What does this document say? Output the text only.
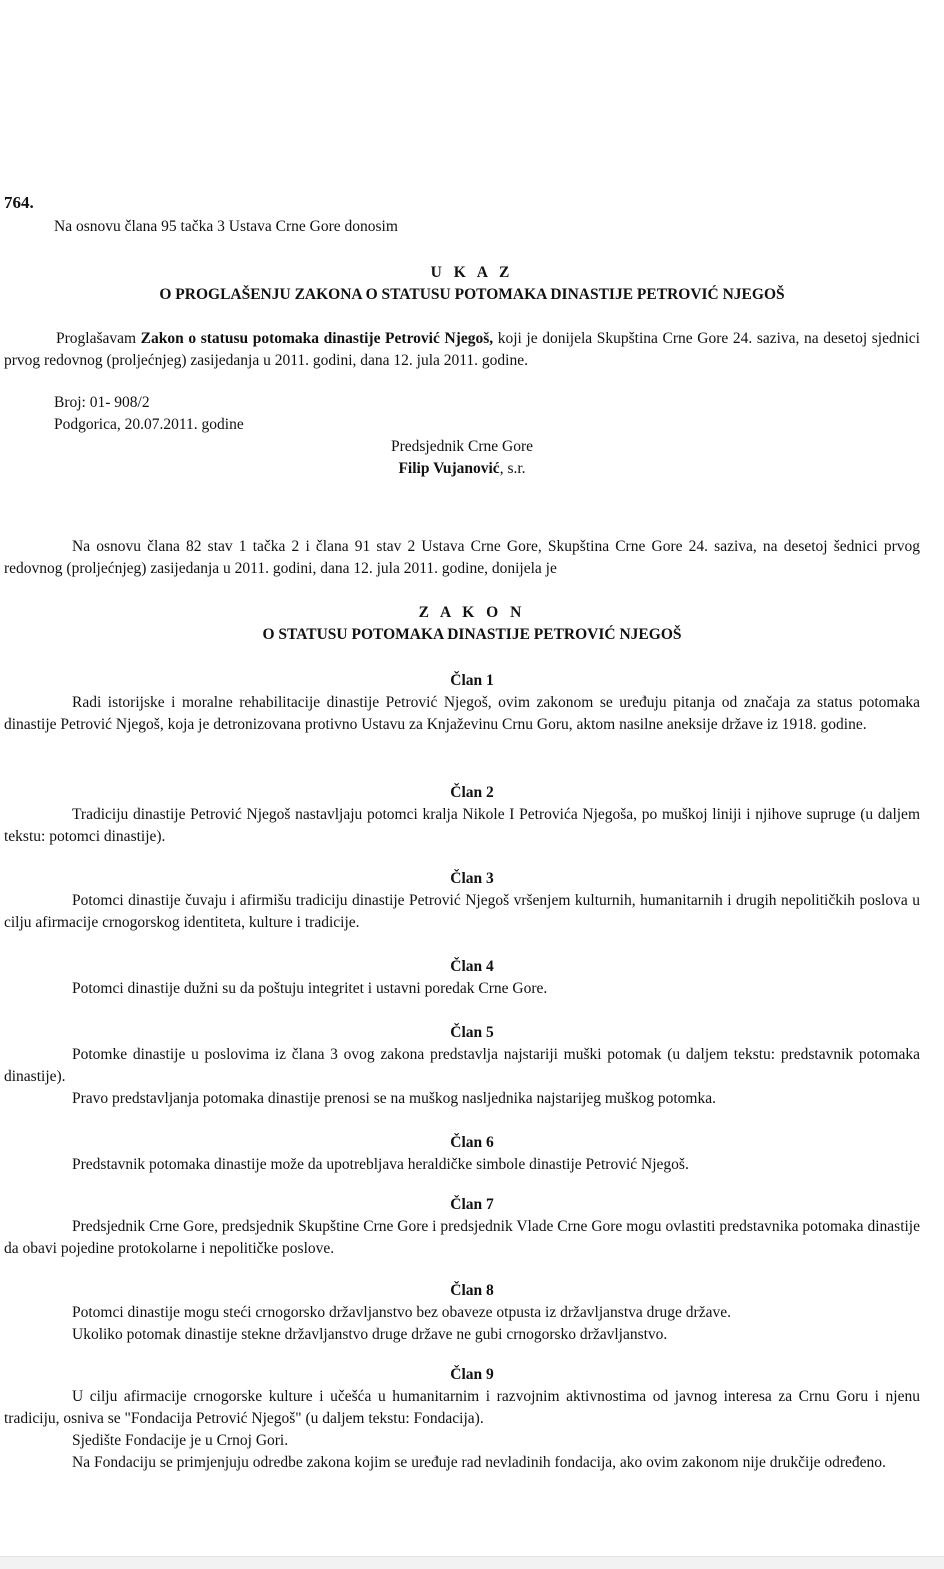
764.
Na osnovu člana 95 tačka 3 Ustava Crne Gore donosim
U K A Z
O PROGLAŠENJU ZAKONA O STATUSU POTOMAKA DINASTIJE PETROVIĆ NJEGOŠ
Proglašavam Zakon o statusu potomaka dinastije Petrović Njegoš, koji je donijela Skupština Crne Gore 24. saziva, na desetoj sjednici prvog redovnog (proljećnjeg) zasijedanja u 2011. godini, dana 12. jula 2011. godine.
Broj: 01- 908/2
Podgorica, 20.07.2011. godine
Predsjednik Crne Gore
Filip Vujanović, s.r.
Na osnovu člana 82 stav 1 tačka 2 i člana 91 stav 2 Ustava Crne Gore, Skupština Crne Gore 24. saziva, na desetoj šednici prvog redovnog (proljećnjeg) zasijedanja u 2011. godini, dana 12. jula 2011. godine, donijela je
Z A K O N
O STATUSU POTOMAKA DINASTIJE PETROVIĆ NJEGOŠ
Član 1
Radi istorijske i moralne rehabilitacije dinastije Petrović Njegoš, ovim zakonom se uređuju pitanja od značaja za status potomaka dinastije Petrović Njegoš, koja je detronizovana protivno Ustavu za Knjaževinu Crnu Goru, aktom nasilne aneksije države iz 1918. godine.
Član 2
Tradiciju dinastije Petrović Njegoš nastavljaju potomci kralja Nikole I Petrovića Njegoša, po muškoj liniji i njihove supruge (u daljem tekstu: potomci dinastije).
Član 3
Potomci dinastije čuvaju i afirmišu tradiciju dinastije Petrović Njegoš vršenjem kulturnih, humanitarnih i drugih nepolitičkih poslova u cilju afirmacije crnogorskog identiteta, kulture i tradicije.
Član 4
Potomci dinastije dužni su da poštuju integritet i ustavni poredak Crne Gore.
Član 5
Potomke dinastije u poslovima iz člana 3 ovog zakona predstavlja najstariji muški potomak (u daljem tekstu: predstavnik potomaka dinastije).
Pravo predstavljanja potomaka dinastije prenosi se na muškog nasljednika najstarijeg muškog potomka.
Član 6
Predstavnik potomaka dinastije može da upotrebljava heraldičke simbole dinastije Petrović Njegoš.
Član 7
Predsjednik Crne Gore, predsjednik Skupštine Crne Gore i predsjednik Vlade Crne Gore mogu ovlastiti predstavnika potomaka dinastije da obavi pojedine protokolarne i nepolitičke poslove.
Član 8
Potomci dinastije mogu steći crnogorsko državljanstvo bez obaveze otpusta iz državljanstva druge države.
Ukoliko potomak dinastije stekne državljanstvo druge države ne gubi crnogorsko državljanstvo.
Član 9
U cilju afirmacije crnogorske kulture i učešća u humanitarnim i razvojnim aktivnostima od javnog interesa za Crnu Goru i njenu tradiciju, osniva se "Fondacija Petrović Njegoš" (u daljem tekstu: Fondacija).
Sjedište Fondacije je u Crnoj Gori.
Na Fondaciju se primjenjuju odredbe zakona kojim se uređuje rad nevladinih fondacija, ako ovim zakonom nije drukčije određeno.
